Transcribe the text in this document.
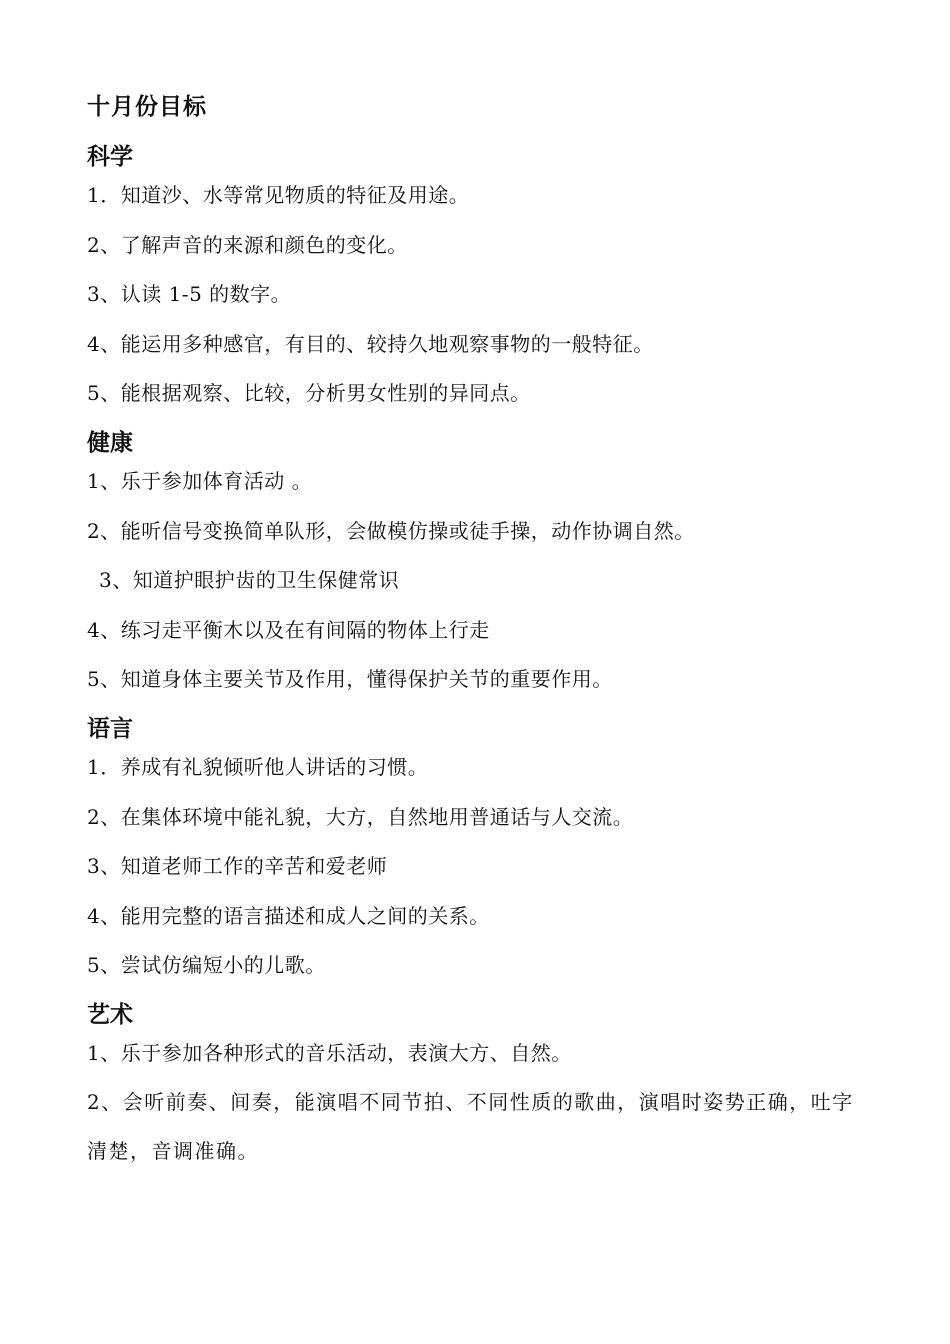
十月份目标
科学
1．知道沙、水等常见物质的特征及用途。
2、了解声音的来源和颜色的变化。
3、认读 1-5 的数字。
4、能运用多种感官，有目的、较持久地观察事物的一般特征。
5、能根据观察、比较，分析男女性别的异同点。
健康
1、乐于参加体育活动 。
2、能听信号变换简单队形，会做模仿操或徒手操，动作协调自然。
3、知道护眼护齿的卫生保健常识
4、练习走平衡木以及在有间隔的物体上行走
5、知道身体主要关节及作用，懂得保护关节的重要作用。
语言
1．养成有礼貌倾听他人讲话的习惯。
2、在集体环境中能礼貌，大方，自然地用普通话与人交流。
3、知道老师工作的辛苦和爱老师
4、能用完整的语言描述和成人之间的关系。
5、尝试仿编短小的儿歌。
艺术
1、乐于参加各种形式的音乐活动，表演大方、自然。
2、会听前奏、间奏，能演唱不同节拍、不同性质的歌曲，演唱时姿势正确，吐字清楚，音调准确。
